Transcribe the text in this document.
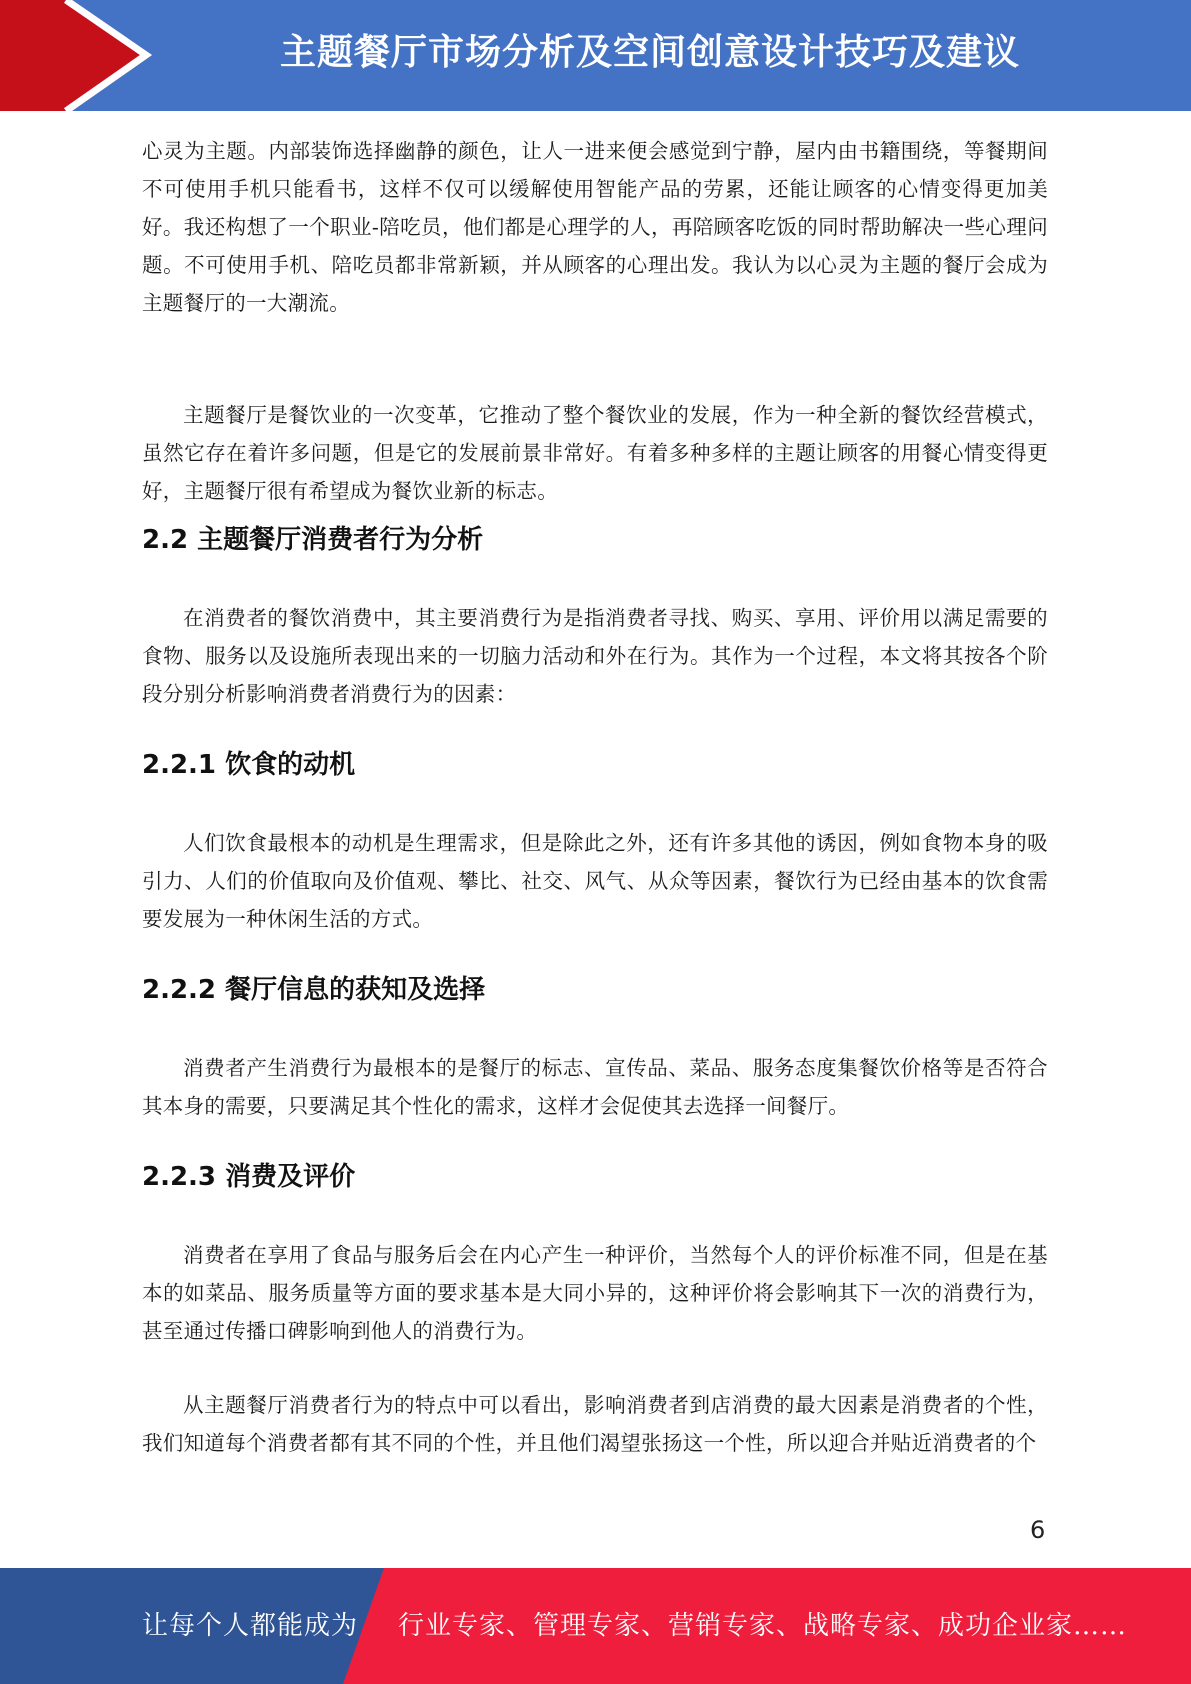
主题餐厅市场分析及空间创意设计技巧及建议

心灵为主题。内部装饰选择幽静的颜色，让人一进来便会感觉到宁静，屋内由书籍围绕，等餐期间不可使用手机只能看书，这样不仅可以缓解使用智能产品的劳累，还能让顾客的心情变得更加美好。我还构想了一个职业-陪吃员，他们都是心理学的人，再陪顾客吃饭的同时帮助解决一些心理问题。不可使用手机、陪吃员都非常新颖，并从顾客的心理出发。我认为以心灵为主题的餐厅会成为主题餐厅的一大潮流。

主题餐厅是餐饮业的一次变革，它推动了整个餐饮业的发展，作为一种全新的餐饮经营模式，虽然它存在着许多问题，但是它的发展前景非常好。有着多种多样的主题让顾客的用餐心情变得更好，主题餐厅很有希望成为餐饮业新的标志。

2.2 主题餐厅消费者行为分析

在消费者的餐饮消费中，其主要消费行为是指消费者寻找、购买、享用、评价用以满足需要的食物、服务以及设施所表现出来的一切脑力活动和外在行为。其作为一个过程，本文将其按各个阶段分别分析影响消费者消费行为的因素：

2.2.1 饮食的动机

人们饮食最根本的动机是生理需求，但是除此之外，还有许多其他的诱因，例如食物本身的吸引力、人们的价值取向及价值观、攀比、社交、风气、从众等因素，餐饮行为已经由基本的饮食需要发展为一种休闲生活的方式。

2.2.2 餐厅信息的获知及选择

消费者产生消费行为最根本的是餐厅的标志、宣传品、菜品、服务态度集餐饮价格等是否符合其本身的需要，只要满足其个性化的需求，这样才会促使其去选择一间餐厅。

2.2.3 消费及评价

消费者在享用了食品与服务后会在内心产生一种评价，当然每个人的评价标准不同，但是在基本的如菜品、服务质量等方面的要求基本是大同小异的，这种评价将会影响其下一次的消费行为，甚至通过传播口碑影响到他人的消费行为。

从主题餐厅消费者行为的特点中可以看出，影响消费者到店消费的最大因素是消费者的个性，我们知道每个消费者都有其不同的个性，并且他们渴望张扬这一个性，所以迎合并贴近消费者的个

6
让每个人都能成为 行业专家、管理专家、营销专家、战略专家、成功企业家……
